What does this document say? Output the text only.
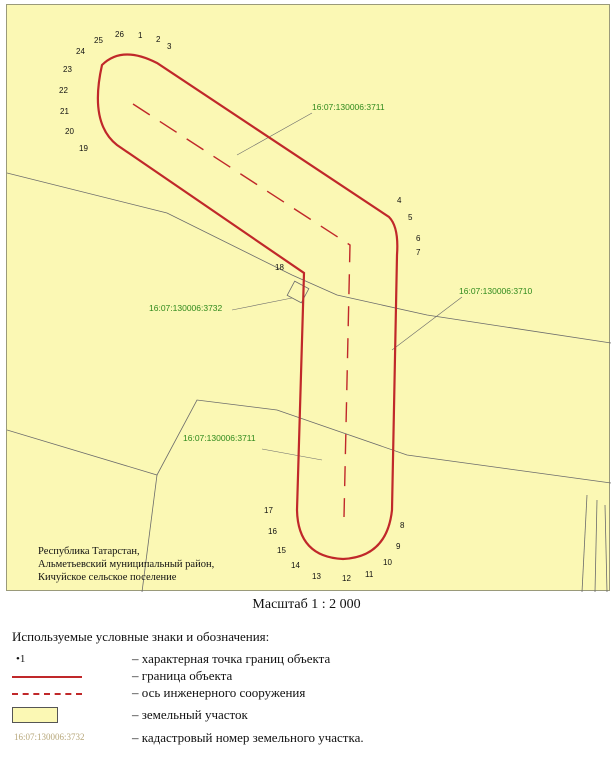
1 2
3
4
5
6
7
8
9
10
11
12
13
14
15
16
17
18
19
20
21
22
23
24
25
26
16:07:130006:3711
16:07:130006:3710
16:07:130006:3732
16:07:130006:3711
Республика Татарстан,
Альметьевский муниципальный район,
Кичуйское сельское поселение
Масштаб 1 : 2 000
Используемые условные знаки и обозначения:
•1	– характерная точка границ объекта
– граница объекта
– ось инженерного сооружения
– земельный участок
16:07:130006:3732	– кадастровый номер земельного участка.
